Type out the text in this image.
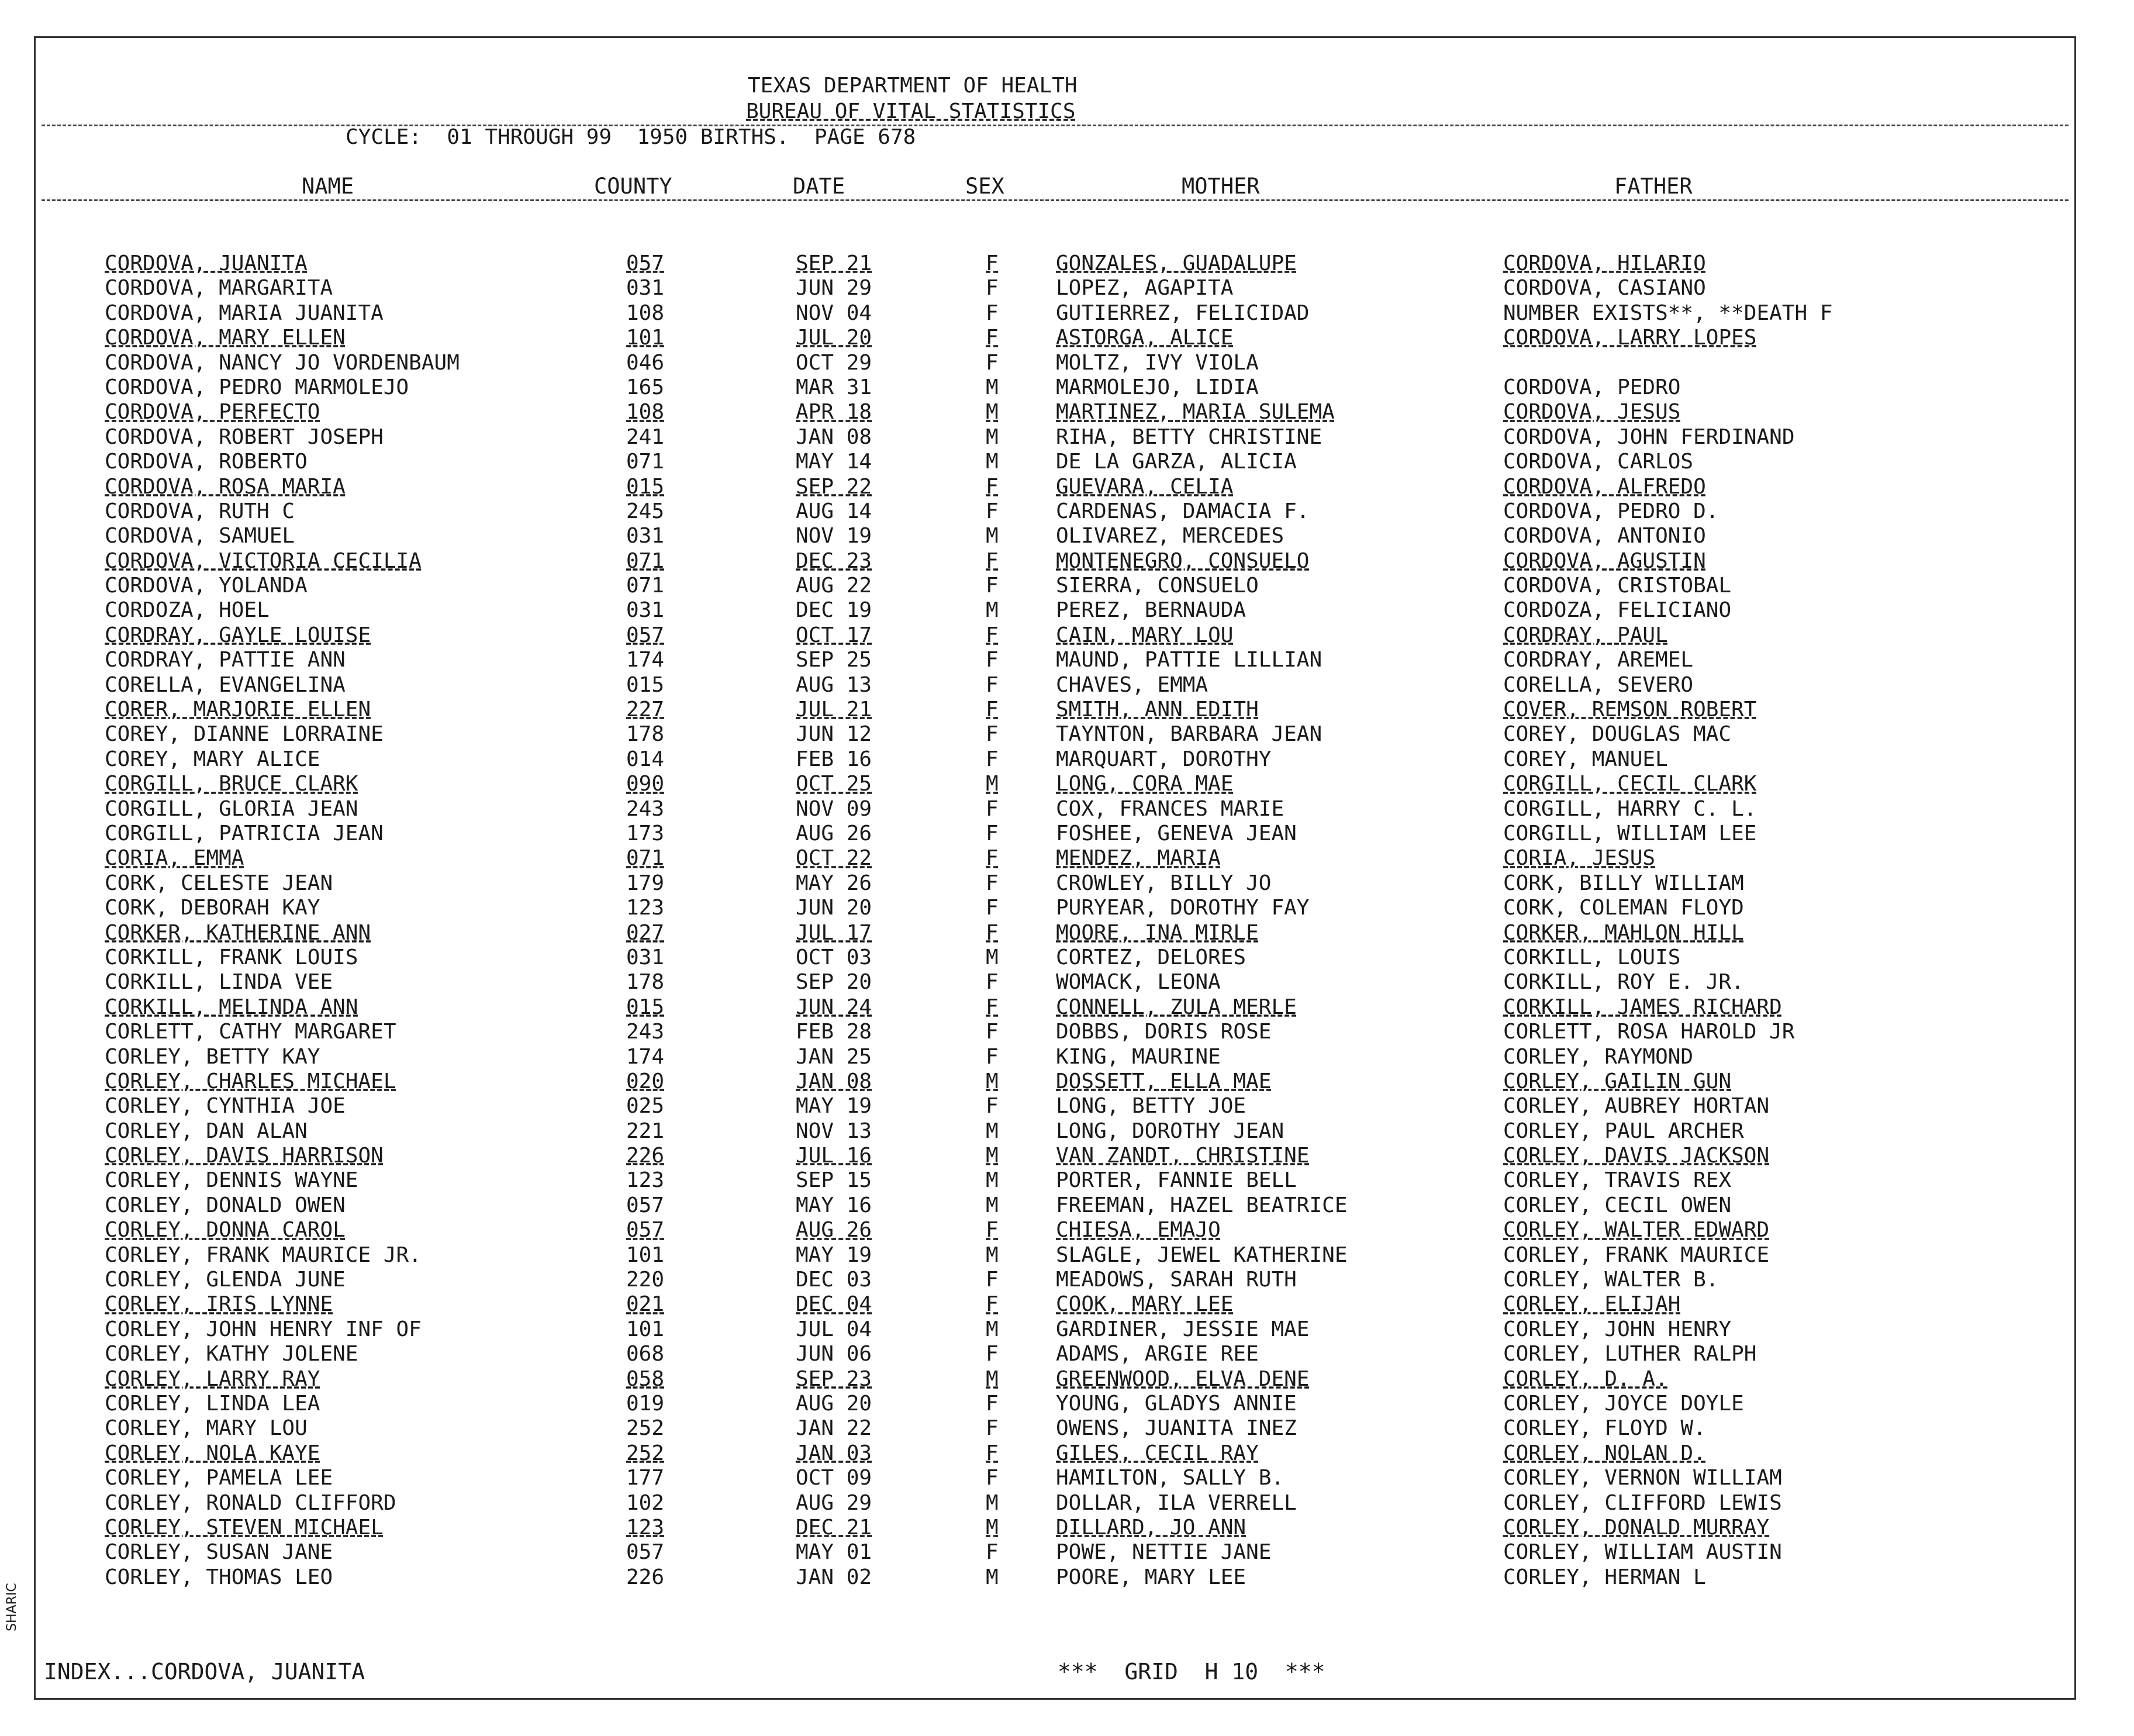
TEXAS DEPARTMENT OF HEALTH
BUREAU OF VITAL STATISTICS
CYCLE:  01 THROUGH 99  1950 BIRTHS.  PAGE 678
NAME	COUNTY	DATE	SEX	MOTHER	FATHER
CORDOVA, JUANITA	057	SEP 21	F	GONZALES, GUADALUPE	CORDOVA, HILARIO
CORDOVA, MARGARITA	031	JUN 29	F	LOPEZ, AGAPITA	CORDOVA, CASIANO
CORDOVA, MARIA JUANITA	108	NOV 04	F	GUTIERREZ, FELICIDAD	NUMBER EXISTS**, **DEATH F
CORDOVA, MARY ELLEN	101	JUL 20	F	ASTORGA, ALICE	CORDOVA, LARRY LOPES
CORDOVA, NANCY JO VORDENBAUM	046	OCT 29	F	MOLTZ, IVY VIOLA
CORDOVA, PEDRO MARMOLEJO	165	MAR 31	M	MARMOLEJO, LIDIA	CORDOVA, PEDRO
CORDOVA, PERFECTO	108	APR 18	M	MARTINEZ, MARIA SULEMA	CORDOVA, JESUS
CORDOVA, ROBERT JOSEPH	241	JAN 08	M	RIHA, BETTY CHRISTINE	CORDOVA, JOHN FERDINAND
CORDOVA, ROBERTO	071	MAY 14	M	DE LA GARZA, ALICIA	CORDOVA, CARLOS
CORDOVA, ROSA MARIA	015	SEP 22	F	GUEVARA, CELIA	CORDOVA, ALFREDO
CORDOVA, RUTH C	245	AUG 14	F	CARDENAS, DAMACIA F.	CORDOVA, PEDRO D.
CORDOVA, SAMUEL	031	NOV 19	M	OLIVAREZ, MERCEDES	CORDOVA, ANTONIO
CORDOVA, VICTORIA CECILIA	071	DEC 23	F	MONTENEGRO, CONSUELO	CORDOVA, AGUSTIN
CORDOVA, YOLANDA	071	AUG 22	F	SIERRA, CONSUELO	CORDOVA, CRISTOBAL
CORDOZA, HOEL	031	DEC 19	M	PEREZ, BERNAUDA	CORDOZA, FELICIANO
CORDRAY, GAYLE LOUISE	057	OCT 17	F	CAIN, MARY LOU	CORDRAY, PAUL
CORDRAY, PATTIE ANN	174	SEP 25	F	MAUND, PATTIE LILLIAN	CORDRAY, AREMEL
CORELLA, EVANGELINA	015	AUG 13	F	CHAVES, EMMA	CORELLA, SEVERO
CORER, MARJORIE ELLEN	227	JUL 21	F	SMITH, ANN EDITH	COVER, REMSON ROBERT
COREY, DIANNE LORRAINE	178	JUN 12	F	TAYNTON, BARBARA JEAN	COREY, DOUGLAS MAC
COREY, MARY ALICE	014	FEB 16	F	MARQUART, DOROTHY	COREY, MANUEL
CORGILL, BRUCE CLARK	090	OCT 25	M	LONG, CORA MAE	CORGILL, CECIL CLARK
CORGILL, GLORIA JEAN	243	NOV 09	F	COX, FRANCES MARIE	CORGILL, HARRY C. L.
CORGILL, PATRICIA JEAN	173	AUG 26	F	FOSHEE, GENEVA JEAN	CORGILL, WILLIAM LEE
CORIA, EMMA	071	OCT 22	F	MENDEZ, MARIA	CORIA, JESUS
CORK, CELESTE JEAN	179	MAY 26	F	CROWLEY, BILLY JO	CORK, BILLY WILLIAM
CORK, DEBORAH KAY	123	JUN 20	F	PURYEAR, DOROTHY FAY	CORK, COLEMAN FLOYD
CORKER, KATHERINE ANN	027	JUL 17	F	MOORE, INA MIRLE	CORKER, MAHLON HILL
CORKILL, FRANK LOUIS	031	OCT 03	M	CORTEZ, DELORES	CORKILL, LOUIS
CORKILL, LINDA VEE	178	SEP 20	F	WOMACK, LEONA	CORKILL, ROY E. JR.
CORKILL, MELINDA ANN	015	JUN 24	F	CONNELL, ZULA MERLE	CORKILL, JAMES RICHARD
CORLETT, CATHY MARGARET	243	FEB 28	F	DOBBS, DORIS ROSE	CORLETT, ROSA HAROLD JR
CORLEY, BETTY KAY	174	JAN 25	F	KING, MAURINE	CORLEY, RAYMOND
CORLEY, CHARLES MICHAEL	020	JAN 08	M	DOSSETT, ELLA MAE	CORLEY, GAILIN GUN
CORLEY, CYNTHIA JOE	025	MAY 19	F	LONG, BETTY JOE	CORLEY, AUBREY HORTAN
CORLEY, DAN ALAN	221	NOV 13	M	LONG, DOROTHY JEAN	CORLEY, PAUL ARCHER
CORLEY, DAVIS HARRISON	226	JUL 16	M	VAN ZANDT, CHRISTINE	CORLEY, DAVIS JACKSON
CORLEY, DENNIS WAYNE	123	SEP 15	M	PORTER, FANNIE BELL	CORLEY, TRAVIS REX
CORLEY, DONALD OWEN	057	MAY 16	M	FREEMAN, HAZEL BEATRICE	CORLEY, CECIL OWEN
CORLEY, DONNA CAROL	057	AUG 26	F	CHIESA, EMAJO	CORLEY, WALTER EDWARD
CORLEY, FRANK MAURICE JR.	101	MAY 19	M	SLAGLE, JEWEL KATHERINE	CORLEY, FRANK MAURICE
CORLEY, GLENDA JUNE	220	DEC 03	F	MEADOWS, SARAH RUTH	CORLEY, WALTER B.
CORLEY, IRIS LYNNE	021	DEC 04	F	COOK, MARY LEE	CORLEY, ELIJAH
CORLEY, JOHN HENRY INF OF	101	JUL 04	M	GARDINER, JESSIE MAE	CORLEY, JOHN HENRY
CORLEY, KATHY JOLENE	068	JUN 06	F	ADAMS, ARGIE REE	CORLEY, LUTHER RALPH
CORLEY, LARRY RAY	058	SEP 23	M	GREENWOOD, ELVA DENE	CORLEY, D. A.
CORLEY, LINDA LEA	019	AUG 20	F	YOUNG, GLADYS ANNIE	CORLEY, JOYCE DOYLE
CORLEY, MARY LOU	252	JAN 22	F	OWENS, JUANITA INEZ	CORLEY, FLOYD W.
CORLEY, NOLA KAYE	252	JAN 03	F	GILES, CECIL RAY	CORLEY, NOLAN D.
CORLEY, PAMELA LEE	177	OCT 09	F	HAMILTON, SALLY B.	CORLEY, VERNON WILLIAM
CORLEY, RONALD CLIFFORD	102	AUG 29	M	DOLLAR, ILA VERRELL	CORLEY, CLIFFORD LEWIS
CORLEY, STEVEN MICHAEL	123	DEC 21	M	DILLARD, JO ANN	CORLEY, DONALD MURRAY
CORLEY, SUSAN JANE	057	MAY 01	F	POWE, NETTIE JANE	CORLEY, WILLIAM AUSTIN
CORLEY, THOMAS LEO	226	JAN 02	M	POORE, MARY LEE	CORLEY, HERMAN L
INDEX...CORDOVA, JUANITA	***  GRID  H 10  ***
SHARIC
